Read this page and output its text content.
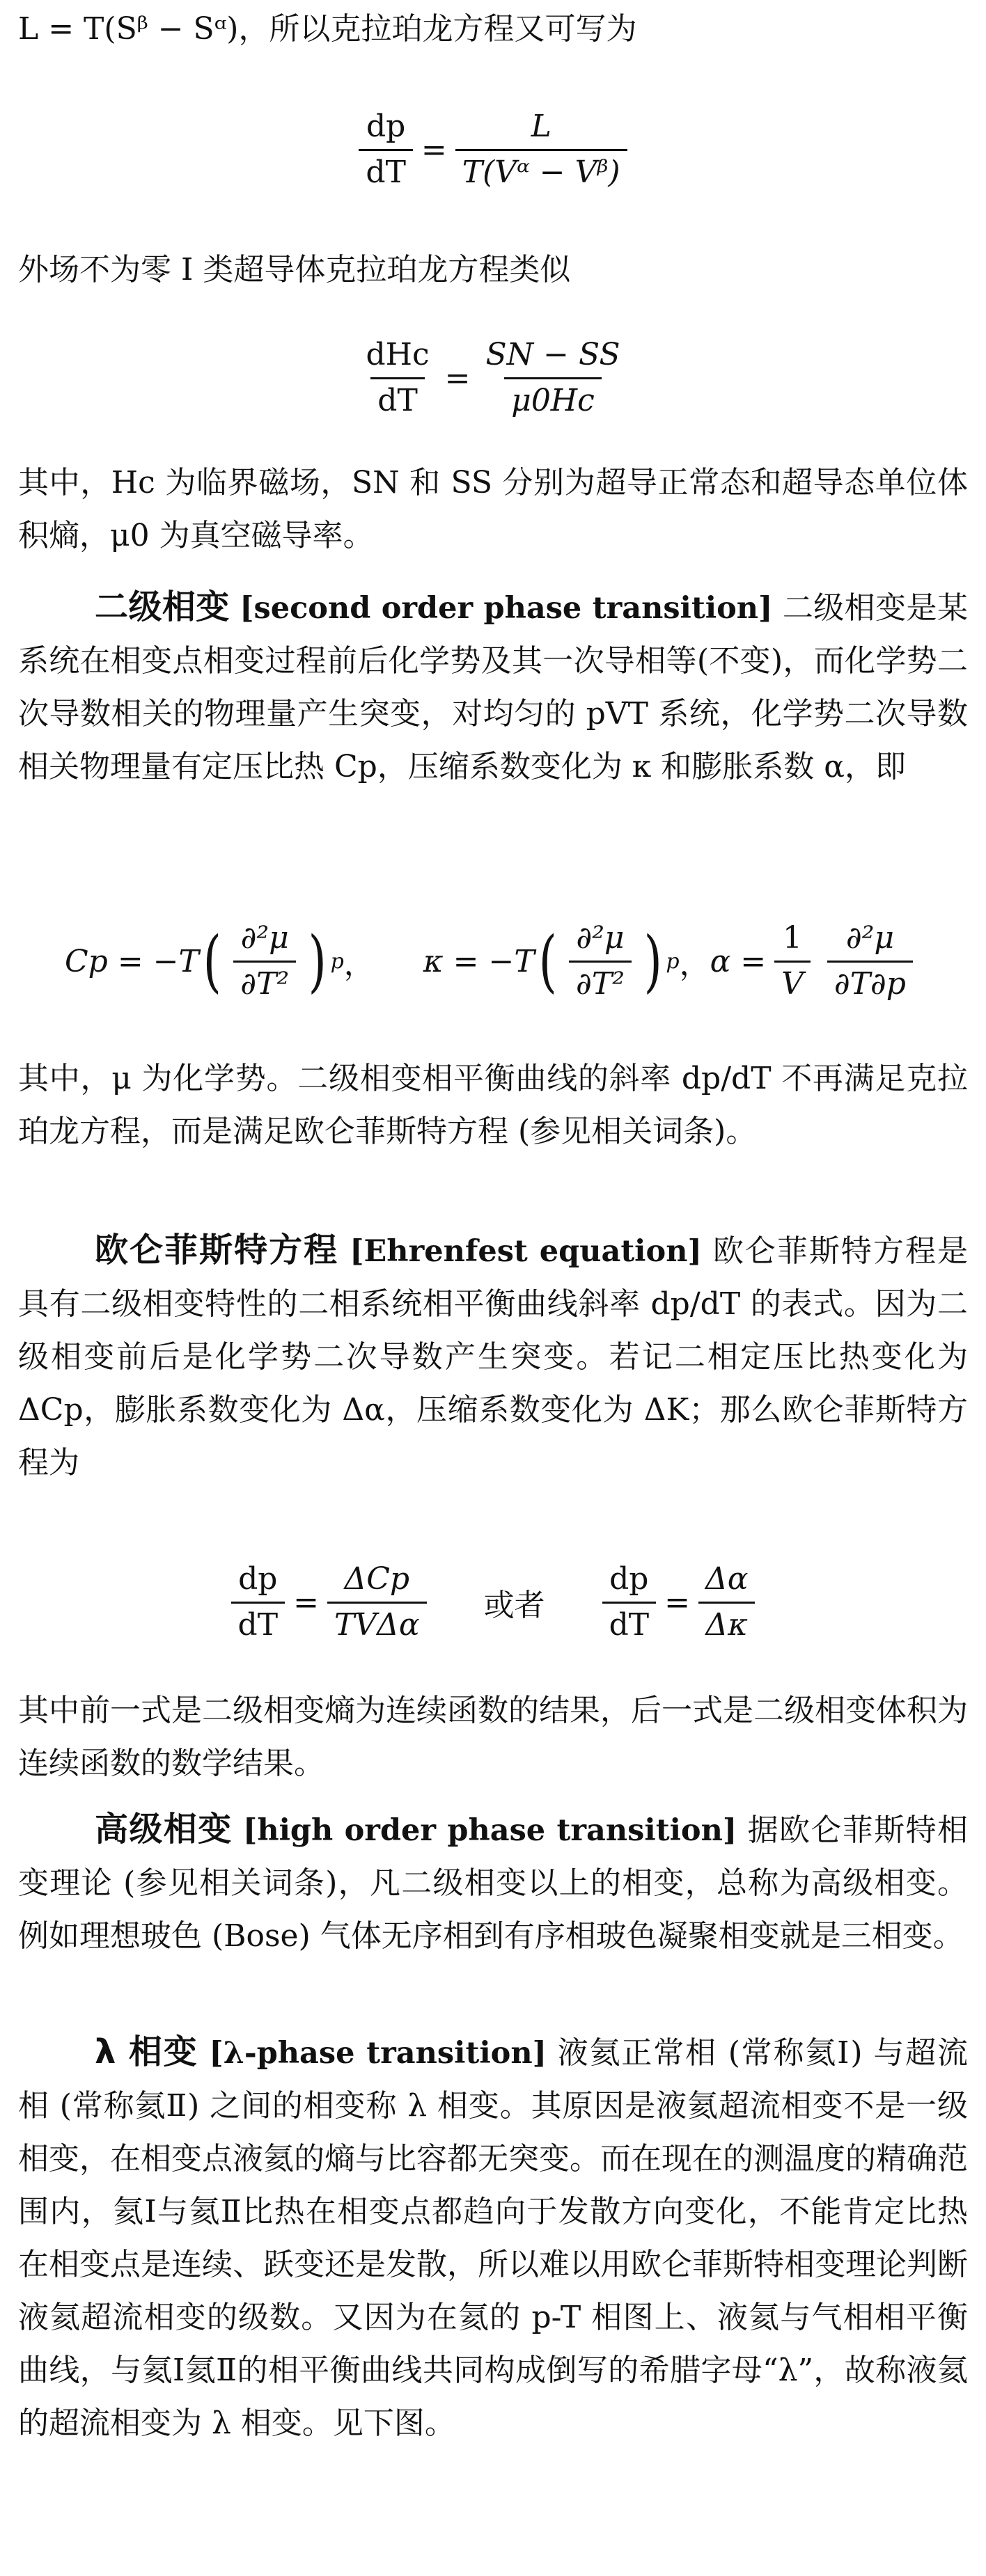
L = T(Sᵝ − Sᵅ)，所以克拉珀龙方程又可写为
$\frac{dp}{dT} = \frac{L}{\text{T(Vᵅ − Vᵝ)}}$
外场不为零 I 类超导体克拉珀龙方程类似
$\frac{\text{dHc}}{dT} = \frac{SN - SS}{\mu 0Hc}$
其中，Hc 为临界磁场，SN 和 SS 分别为超导正常态和超导态单位体积熵，μ0 为真空磁导率。
二级相变 [second order phase transition] 二级相变是某系统在相变点相变过程前后化学势及其一次导相等(不变)，而化学势二次导数相关的物理量产生突变，对均匀的 pVT 系统，化学势二次导数相关物理量有定压比热 Cp，压缩系数变化为 κ 和膨胀系数 α，即
Cp = −T ( $\frac{\text{∂²μ}}{\text{∂T²}}$ ) p ， κ = −T ( $\frac{\text{∂²μ}}{\text{∂T²}}$ ) p ， $\alpha = \frac{1}{V} \frac{\text{∂²μ}}{\partial T\partial p}$
其中，μ 为化学势。二级相变相平衡曲线的斜率 dp/dT 不再满足克拉珀龙方程，而是满足欧仑菲斯特方程 (参见相关词条)。
欧仑菲斯特方程 [Ehrenfest equation] 欧仑菲斯特方程是具有二级相变特性的二相系统相平衡曲线斜率 dp/dT 的表式。因为二级相变前后是化学势二次导数产生突变。若记二相定压比热变化为 ΔCp，膨胀系数变化为 Δα，压缩系数变化为 ΔK；那么欧仑菲斯特方程为
$\frac{dp}{dT} = \frac{\text{ΔCp}}{\text{TVΔα}}$ 或者 $\frac{dp}{dT} = \frac{\Delta\alpha}{\Delta\kappa}$
其中前一式是二级相变熵为连续函数的结果，后一式是二级相变体积为连续函数的数学结果。
高级相变 [high order phase transition] 据欧仑菲斯特相变理论 (参见相关词条)，凡二级相变以上的相变，总称为高级相变。例如理想玻色 (Bose) 气体无序相到有序相玻色凝聚相变就是三相变。
λ 相变 [λ-phase transition] 液氦正常相 (常称氦Ⅰ) 与超流相 (常称氦Ⅱ) 之间的相变称 λ 相变。其原因是液氦超流相变不是一级相变，在相变点液氦的熵与比容都无突变。而在现在的测温度的精确范围内，氦Ⅰ与氦Ⅱ比热在相变点都趋向于发散方向变化，不能肯定比热在相变点是连续、跃变还是发散，所以难以用欧仑菲斯特相变理论判断液氦超流相变的级数。又因为在氦的 p-T 相图上、液氦与气相相平衡曲线，与氦Ⅰ氦Ⅱ的相平衡曲线共同构成倒写的希腊字母“λ”，故称液氦的超流相变为 λ 相变。见下图。
